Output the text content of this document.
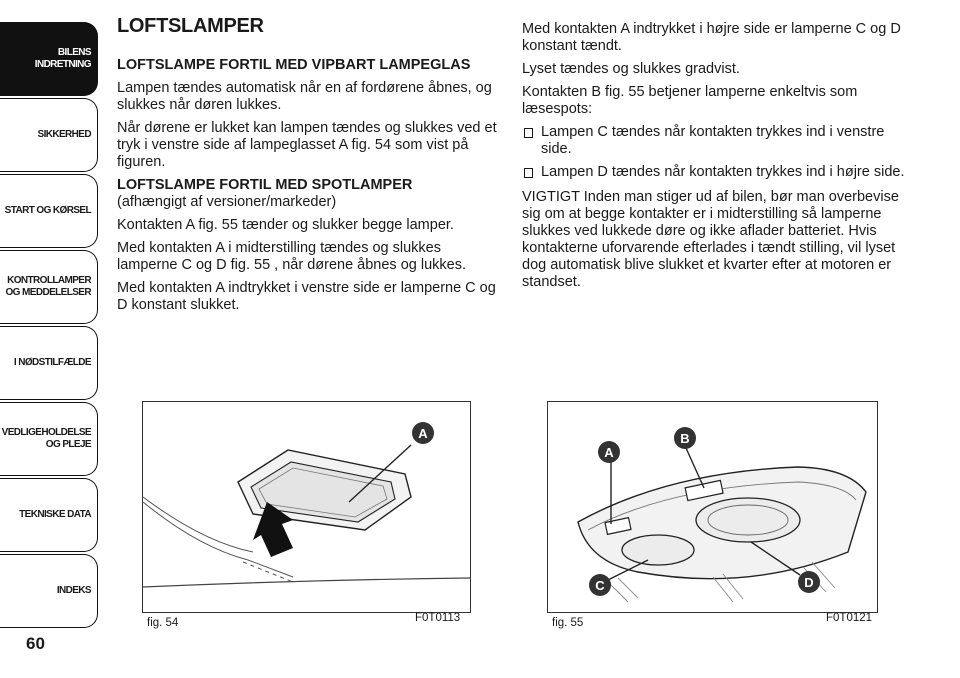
BILENS
INDRETNING
SIKKERHED
START OG KØRSEL
KONTROLLAMPER
OG MEDDELELSER
I NØDSTILFÆLDE
VEDLIGEHOLDELSE
OG PLEJE
TEKNISKE DATA
INDEKS
60
LOFTSLAMPER
LOFTSLAMPE FORTIL MED VIPBART LAMPEGLAS

Lampen tændes automatisk når en af fordørene åbnes, og slukkes når døren lukkes.

Når dørene er lukket kan lampen tændes og slukkes ved et tryk i venstre side af lampeglasset A fig. 54 som vist på figuren.

LOFTSLAMPE FORTIL MED SPOTLAMPER

(afhængigt af versioner/markeder)

Kontakten A fig. 55 tænder og slukker begge lamper.

Med kontakten A i midterstilling tændes og slukkes lamperne C og D fig. 55 , når dørene åbnes og lukkes.

Med kontakten A indtrykket i venstre side er lamperne C og D konstant slukket.

Med kontakten A indtrykket i højre side er lamperne C og D konstant tændt.

Lyset tændes og slukkes gradvist.

Kontakten B fig. 55 betjener lamperne enkeltvis som læsespots:

Lampen C tændes når kontakten trykkes ind i venstre side.
Lampen D tændes når kontakten trykkes ind i højre side.

VIGTIGT Inden man stiger ud af bilen, bør man overbevise sig om at begge kontakter er i midterstilling så lamperne slukkes ved lukkede døre og ikke aflader batteriet. Hvis kontakterne uforvarende efterlades i tændt stilling, vil lyset dog automatisk blive slukket et kvarter efter at motoren er standset.

A
fig. 54	F0T0113
A
B
C	D
fig. 55	F0T0121
